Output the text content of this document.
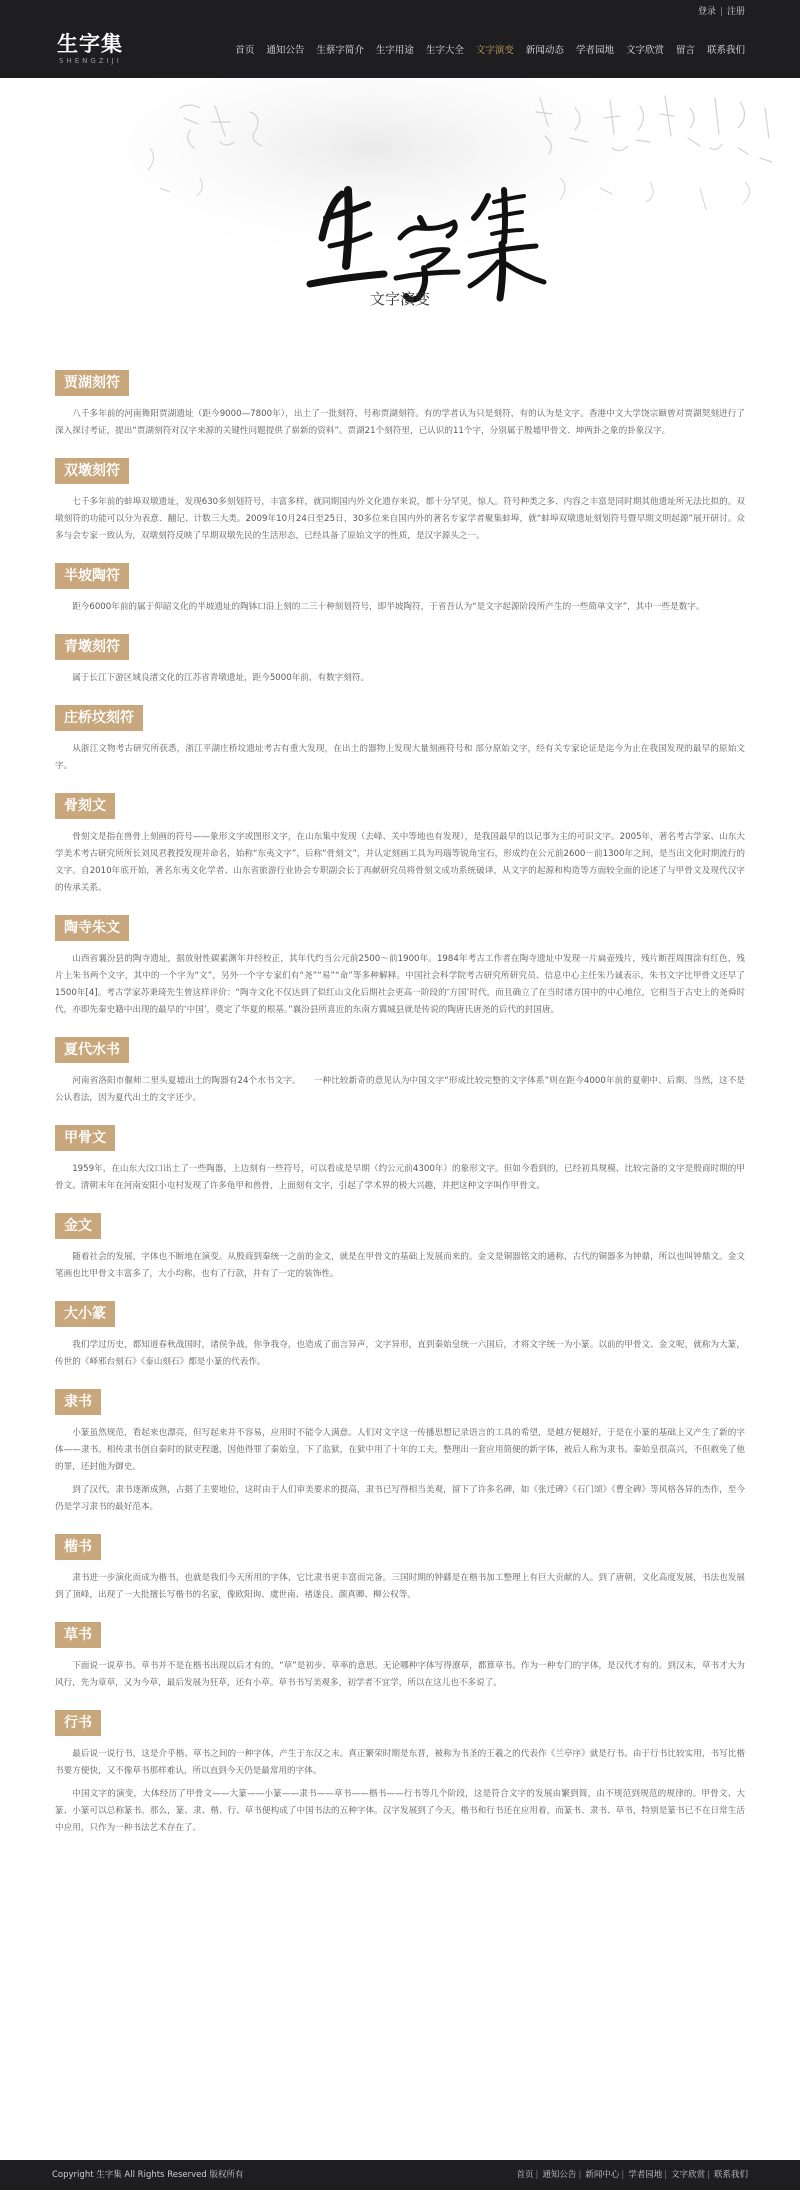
登录 | 注册
生字集
SHENGZIJI
首页 通知公告 生蔡字简介 生字用途 生字大全 文字演变 新闻动态 学者园地 文字欣赏 留言 联系我们
文字演变
贾湖刻符

八千多年前的河南舞阳贾湖遗址（距今9000—7800年），出土了一批刻符，号称贾湖刻符。有的学者认为只是刻符，有的认为是文字。香港中文大学饶宗颐曾对贾湖契刻进行了深入探讨考证，提出“贾湖刻符对汉字来源的关键性问题提供了崭新的资料”。贾湖21个刻符里，已认识的11个字，分别属于殷墟甲骨文、坤两卦之象的卦象汉字。

双墩刻符

七千多年前的蚌埠双墩遗址，发现630多刻划符号，丰富多样，就同期国内外文化遗存来说，都十分罕见，惊人。符号种类之多、内容之丰富是同时期其他遗址所无法比拟的。双墩刻符的功能可以分为表意、翻记、计数三大类。2009年10月24日至25日，30多位来自国内外的著名专家学者聚集蚌埠，就“蚌埠双墩遗址刻划符号暨早期文明起源”展开研讨。众多与会专家一致认为，双墩刻符反映了早期双墩先民的生活形态，已经具备了原始文字的性质，是汉字源头之一。

半坡陶符

距今6000年前的属于仰韶文化的半坡遗址的陶钵口沿上刻的二三十种刻划符号，即半坡陶符，于省吾认为“是文字起源阶段所产生的一些简单文字”，其中一些是数字。

青墩刻符

属于长江下游区域良渚文化的江苏省青墩遗址，距今5000年前，有数字刻符。

庄桥坟刻符

从浙江文物考古研究所获悉，浙江平湖庄桥坟遗址考古有重大发现，在出土的器物上发现大量刻画符号和 部分原始文字，经有关专家论证是迄今为止在我国发现的最早的原始文字。

骨刻文

骨刻文是指在兽骨上刻画的符号——象形文字或图形文字，在山东集中发现（去峰、关中等地也有发现），是我国最早的以记事为主的可识文字。2005年，著名考古学家、山东大学美术考古研究所所长刘凤君教授发现并命名，始称“东夷文字”，后称“骨刻文”，并认定刻画工具为玛瑙等锐角宝石，形成约在公元前2600－前1300年之间，是当出文化时期流行的文字。自2010年底开始，著名东夷文化学者、山东省旅游行业协会专职副会长丁再献研究员将骨刻文成功系统破译，从文字的起源和构造等方面较全面的论述了与甲骨文及现代汉字的传承关系。

陶寺朱文

山西省襄汾县的陶寺遗址，据放射性碳素测年并经校正，其年代约当公元前2500～前1900年。1984年考古工作者在陶寺遗址中发现一片扁壶残片，残片断茬周围涂有红色，残片上朱书两个文字，其中的一个字为“文”，另外一个字专家们有“尧”“易”“命”等多种解释。中国社会科学院考古研究所研究员、信息中心主任朱乃诚表示，朱书文字比甲骨文还早了1500年[4]。考古学家苏秉琦先生曾这样评价：“陶寺文化不仅达到了似红山文化后期社会更高一阶段的‘方国’时代，而且确立了在当时诸方国中的中心地位，它相当于古史上的尧舜时代，亦即先秦史籍中出现的最早的‘中国’，奠定了华夏的根基。”襄汾县所喜近的东南方翼城县就是传说的陶唐氏唐尧的后代的封国唐。

夏代水书

河南省洛阳市偃师二里头夏墟出土的陶器有24个水书文字。　　一种比较新奇的意见认为中国文字“形成比较完整的文字体系”则在距今4000年前的夏朝中、后期。当然，这不是公认看法，因为夏代出土的文字还少。

甲骨文

1959年，在山东大汶口出土了一些陶器，上边刻有一些符号，可以看成是早期（约公元前4300年）的象形文字。但如今看到的，已经初具规模、比较完备的文字是殷商时期的甲骨文。清朝末年在河南安阳小屯村发现了许多龟甲和兽骨，上面刻有文字，引起了学术界的极大兴趣，并把这种文字叫作甲骨文。

金文

随着社会的发展，字体也不断地在演变。从殷商到秦统一之前的金文，就是在甲骨文的基础上发展而来的。金文是铜器铭文的通称，古代的铜器多为钟鼎，所以也叫钟鼎文。金文笔画也比甲骨文丰富多了，大小均称，也有了行款，并有了一定的装饰性。

大小篆

我们学过历史，都知道春秋战国时，诸侯争战，你争我夺，也造成了面言异声，文字异形，直到秦始皇统一六国后，才将文字统一为小篆。以前的甲骨文、金文呢，就称为大篆，传世的《峄邪台刻石》《泰山刻石》都是小篆的代表作。

隶书

小篆虽然规范，看起来也漂亮，但写起来并不容易，应用时不能令人满意。人们对文字这一传播思想记录语言的工具的希望，是越方便越好，于是在小篆的基础上又产生了新的字体——隶书。相传隶书创自秦时的狱吏程邈，因他得罪了秦始皇，下了监狱，在狱中用了十年的工夫，整理出一套应用简便的新字体，被后人称为隶书。秦始皇很高兴，不但赦免了他的罪，还封他为御史。

到了汉代，隶书逐渐成熟，占据了主要地位，这时由于人们审美要求的提高，隶书已写得相当美观，留下了许多名碑，如《张迁碑》《石门颂》《曹全碑》等风格各异的杰作，至今仍是学习隶书的最好范本。

楷书

隶书进一步演化而成为楷书，也就是我们今天所用的字体，它比隶书更丰富而完备。三国时期的钟繇是在楷书加工整理上有巨大贡献的人。到了唐朝，文化高度发展，书法也发展到了顶峰，出现了一大批擅长写楷书的名家，像欧阳询、虞世南、褚遂良、颜真卿、柳公权等。

草书

下面说一说草书。草书并不是在楷书出现以后才有的。“草”是初步、草率的意思。无论哪种字体写得潦草，都算草书。作为一种专门的字体，是汉代才有的。到汉末，草书才大为风行，先为章草，又为今草，最后发展为狂草，还有小草。草书书写美观多，初学者不宜学，所以在这儿也不多说了。

行书

最后说一说行书，这是介乎楷、草书之间的一种字体，产生于东汉之末。真正繁荣时期是东晋，被称为书圣的王羲之的代表作《兰亭序》就是行书。由于行书比较实用，书写比楷书要方便快，又不像草书那样难认，所以直到今天仍是最常用的字体。

中国文字的演变，大体经历了甲骨文——大篆——小篆——隶书——草书——楷书——行书等几个阶段，这是符合文字的发展由繁到简，由不规范到规范的规律的。甲骨文、大篆、小篆可以总称篆书。那么，篆、隶、楷、行、草书便构成了中国书法的五种字体。汉字发展到了今天，楷书和行书还在应用着，而篆书、隶书、草书，特别是篆书已不在日常生活中应用，只作为一种书法艺术存在了。

Copyright 生字集 All Rights Reserved 版权所有	首页 | 通知公告 | 新闻中心 | 学者园地 | 文字欣赏 | 联系我们
